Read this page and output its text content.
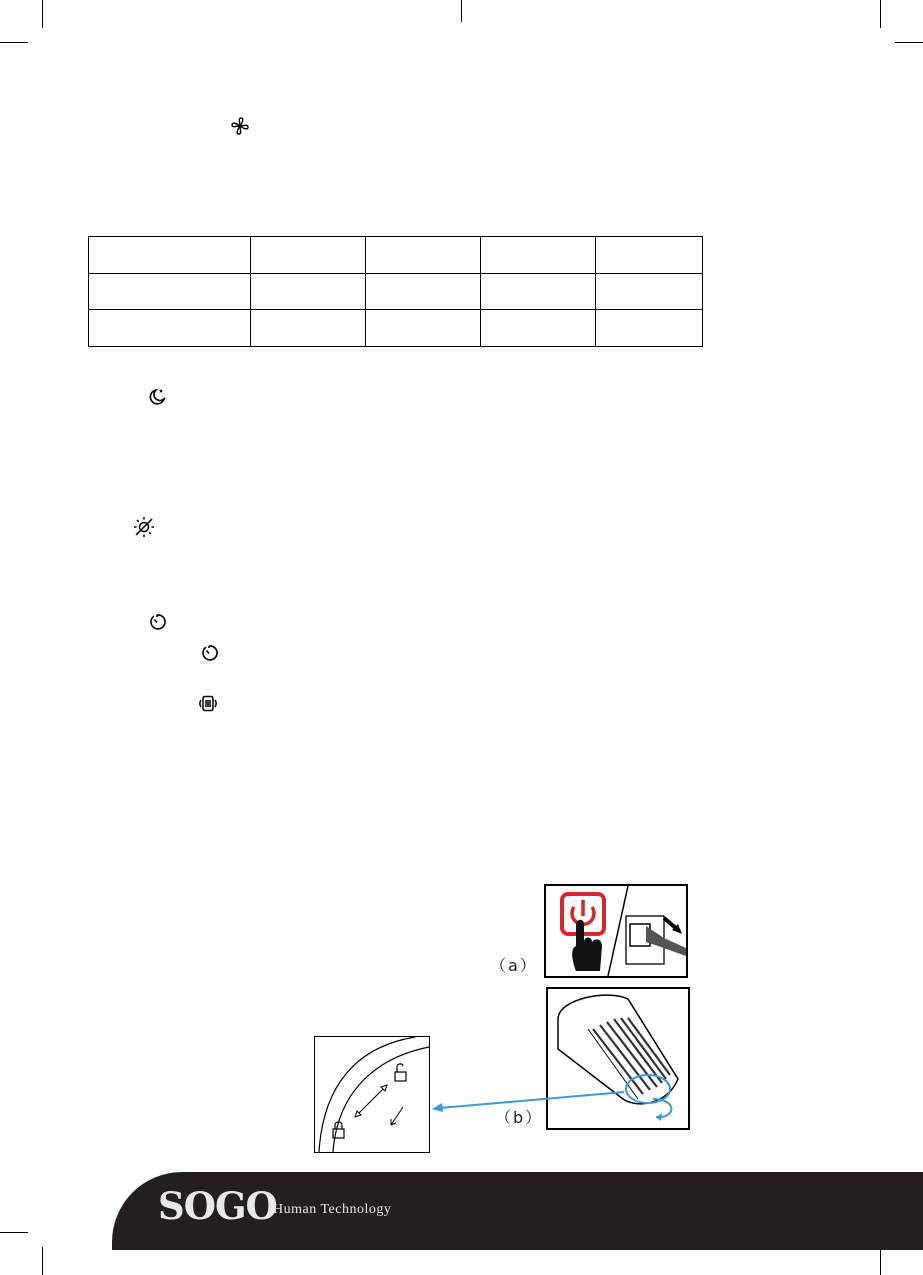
（a）
（b）
SOGO
Human Technology
